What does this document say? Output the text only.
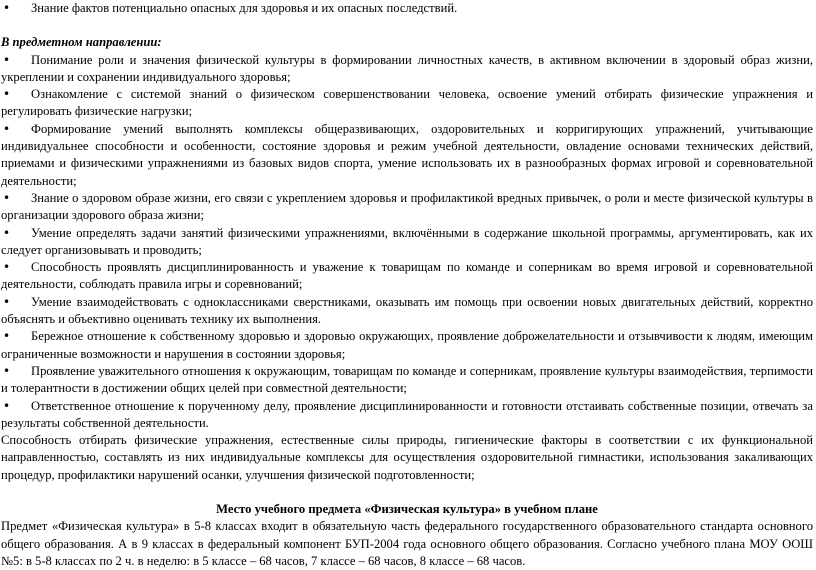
•
Знание фактов потенциально опасных для здоровья и их опасных последствий.

В предметном направлении:

•
Понимание роли и значения физической культуры в формировании личностных качеств, в активном включении в здоровый образ жизни, укреплении и сохранении индивидуального здоровья;

•
Ознакомление с системой знаний о физическом совершенствовании человека, освоение умений отбирать физические упражнения и регулировать физические нагрузки;

•
Формирование умений выполнять комплексы общеразвивающих, оздоровительных и корригирующих упражнений, учитывающие индивидуальнее способности и особенности, состояние здоровья и режим учебной деятельности, овладение основами технических действий, приемами и физическими упражнениями из базовых видов спорта, умение использовать их в разнообразных формах игровой и соревновательной деятельности;

•
Знание о здоровом образе жизни, его связи с укреплением здоровья и профилактикой вредных привычек, о роли и месте физической культуры в организации здорового образа жизни;

•
Умение определять задачи занятий физическими упражнениями, включёнными в содержание школьной программы, аргументировать, как их следует организовывать и проводить;

•
Способность проявлять дисциплинированность и уважение к товарищам по команде и соперникам во время игровой и соревновательной деятельности, соблюдать правила игры и соревнований;

•
Умение взаимодействовать с одноклассниками сверстниками, оказывать им помощь при освоении новых двигательных действий, корректно объяснять и объективно оценивать технику их выполнения.

•
Бережное отношение к собственному здоровью и здоровью окружающих, проявление доброжелательности и отзывчивости к людям, имеющим ограниченные возможности и нарушения в состоянии здоровья;

•
Проявление уважительного отношения к окружающим, товарищам по команде и соперникам, проявление культуры взаимодействия, терпимости и толерантности в достижении общих целей при совместной деятельности;

•
Ответственное отношение к порученному делу, проявление дисциплинированности и готовности отстаивать собственные позиции, отвечать за результаты собственной деятельности.

Способность отбирать физические упражнения, естественные силы природы, гигиенические факторы в соответствии с их функциональной направленностью, составлять из них индивидуальные комплексы для осуществления оздоровительной гимнастики, использования закаливающих процедур, профилактики нарушений осанки, улучшения физической подготовленности;

Место учебного предмета «Физическая культура» в учебном плане

Предмет «Физическая культура» в 5-8 классах входит в обязательную часть федерального государственного образовательного стандарта основного общего образования. А в 9 классах в федеральный компонент БУП-2004 года основного общего образования. Согласно учебного плана МОУ ООШ №5: в 5-8 классах по 2 ч. в неделю: в 5 классе – 68 часов, 7 классе – 68 часов, 8 классе – 68 часов.
